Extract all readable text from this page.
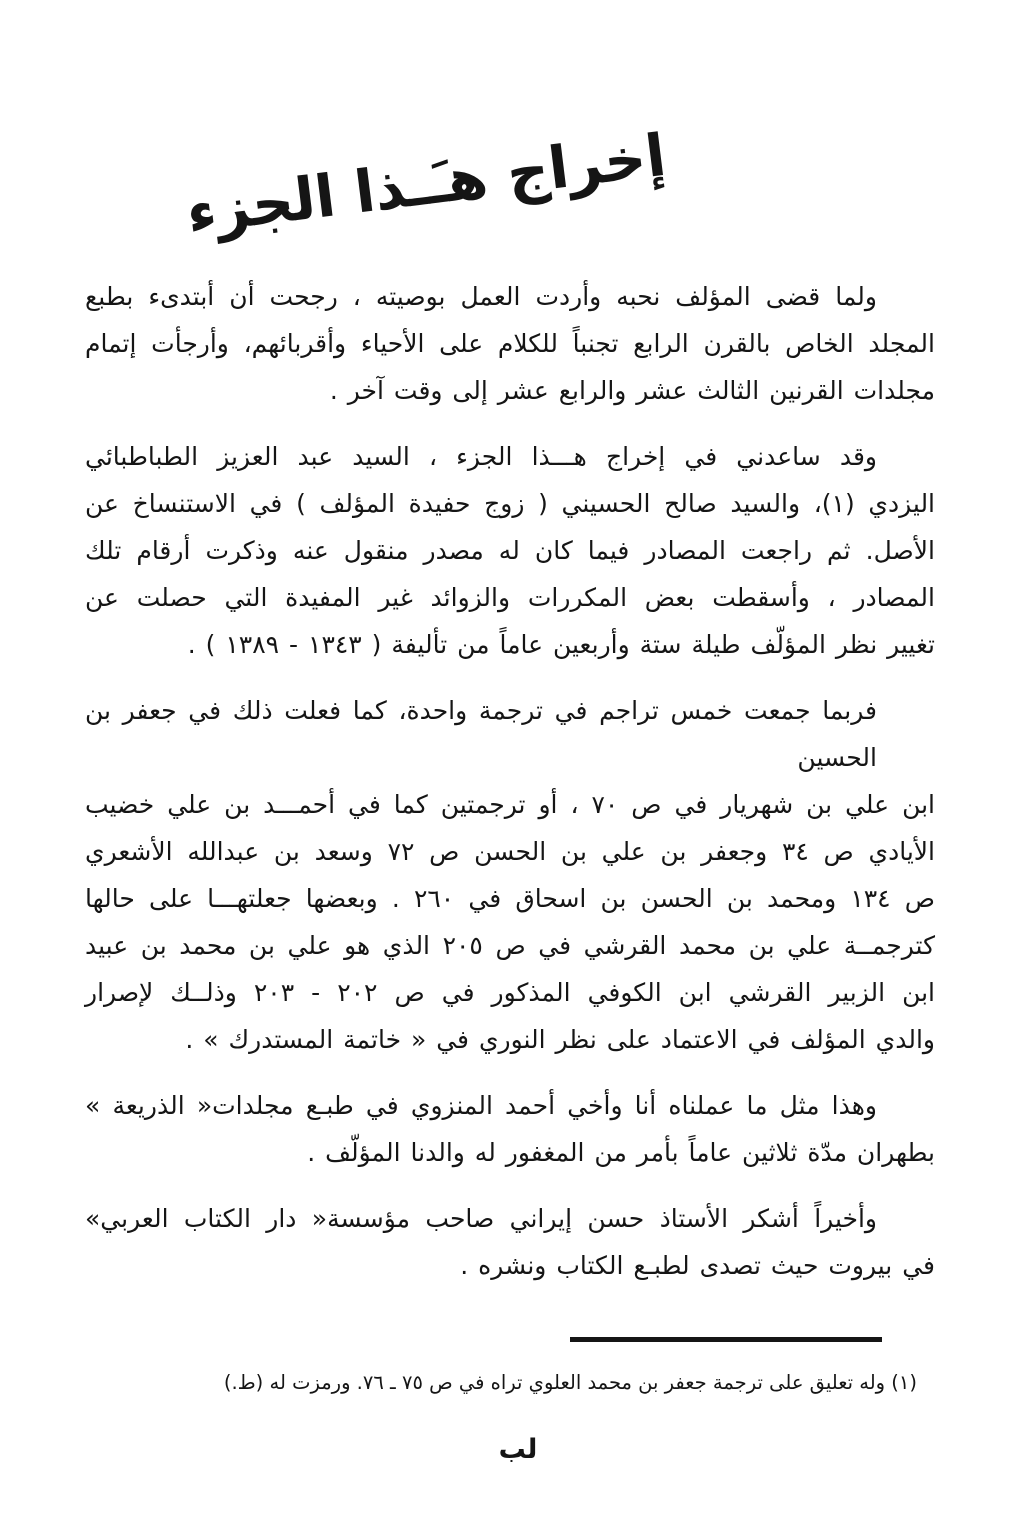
إخراج هـَـذا الجزء
ولما قضى المؤلف نحبه وأردت العمل بوصيته ، رجحت أن أبتدىء بطبع
المجلد الخاص بالقرن الرابع تجنباً للكلام على الأحياء وأقربائهم، وأرجأت إتمام
مجلدات القرنين الثالث عشر والرابع عشر إلى وقت آخر .
وقد ساعدني في إخراج هـــذا الجزء ، السيد عبد العزيز الطباطبائي
اليزدي (١)، والسيد صالح الحسيني ( زوج حفيدة المؤلف ) في الاستنساخ عن
الأصل. ثم راجعت المصادر فيما كان له مصدر منقول عنه وذكرت أرقام تلك
المصادر ، وأسقطت بعض المكررات والزوائد غير المفيدة التي حصلت عن
تغيير نظر المؤلّف طيلة ستة وأربعين عاماً من تأليفة ( ١٣٤٣ - ١٣٨٩ ) .
فربما جمعت خمس تراجم في ترجمة واحدة، كما فعلت ذلك في جعفر بن الحسين
ابن علي بن شهريار في ص ٧٠ ، أو ترجمتين كما في أحمـــد بن علي خضيب
الأيادي ص ٣٤ وجعفر بن علي بن الحسن ص ٧٢ وسعد بن عبدالله الأشعري
ص ١٣٤ ومحمد بن الحسن بن اسحاق في ٢٦٠ . وبعضها جعلتهـــا على حالها
كترجمــة علي بن محمد القرشي في ص ٢٠٥ الذي هو علي بن محمد بن عبيد
ابن الزبير القرشي ابن الكوفي المذكور في ص ٢٠٢ - ٢٠٣ وذلــك لإصرار
والدي المؤلف في الاعتماد على نظر النوري في « خاتمة المستدرك » .
وهذا مثل ما عملناه أنا وأخي أحمد المنزوي في طبـع مجلدات« الذريعة »
بطهران مدّة ثلاثين عاماً بأمر من المغفور له والدنا المؤلّف .
وأخيراً أشكر الأستاذ حسن إيراني صاحب مؤسسة« دار الكتاب العربي»
في بيروت حيث تصدى لطبـع الكتاب ونشره .
(١) وله تعليق على ترجمة جعفر بن محمد العلوي تراه في ص ٧٥ ـ ٧٦. ورمزت له (ط.)
لب
